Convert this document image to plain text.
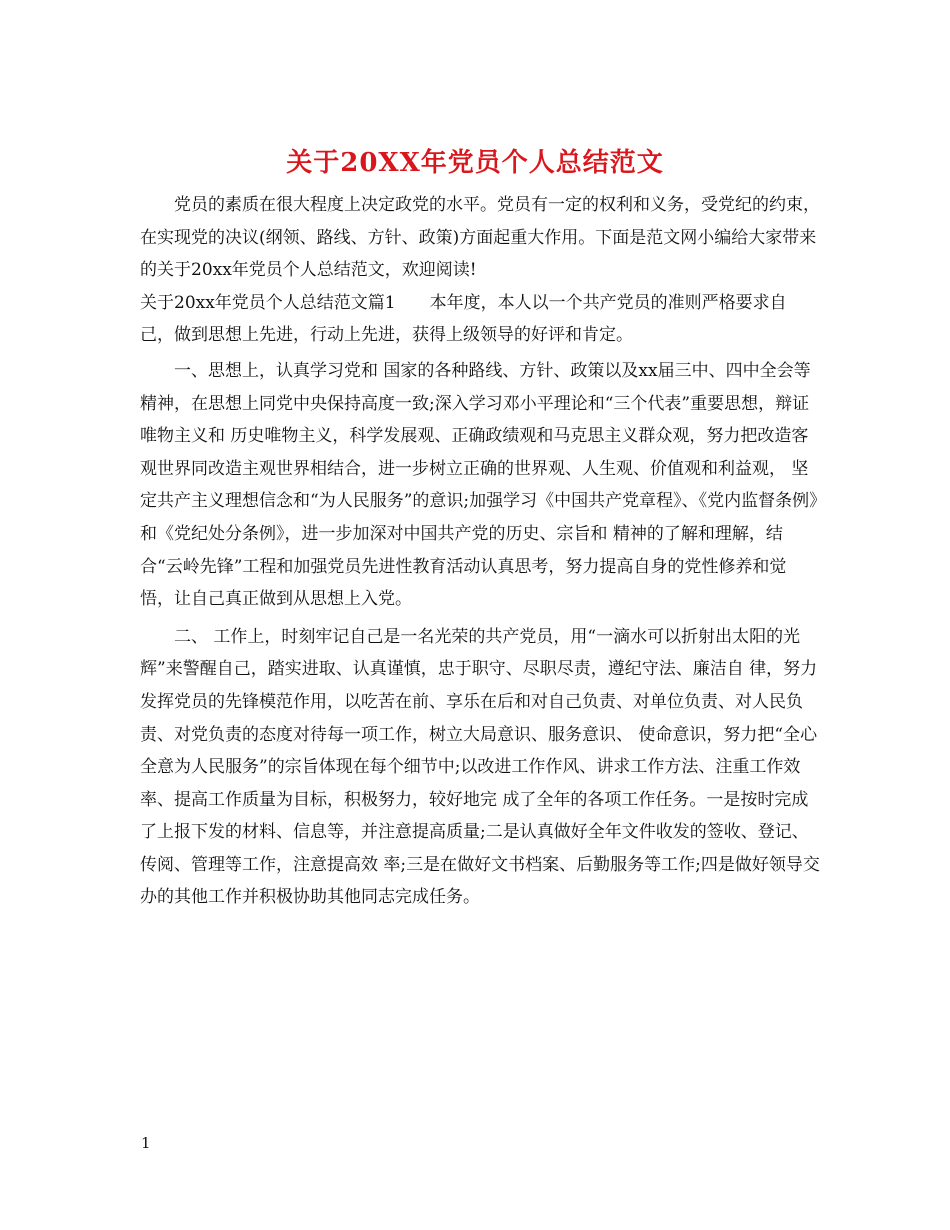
关于20XX年党员个人总结范文

党员的素质在很大程度上决定政党的水平。党员有一定的权利和义务，受党纪的约束，在实现党的决议(纲领、路线、方针、政策)方面起重大作用。下面是范文网小编给大家带来的关于20xx年党员个人总结范文，欢迎阅读!

关于20xx年党员个人总结范文篇1　　本年度，本人以一个共产党员的准则严格要求自己，做到思想上先进，行动上先进，获得上级领导的好评和肯定。

一、思想上，认真学习党和 国家的各种路线、方针、政策以及xx届三中、四中全会等精神，在思想上同党中央保持高度一致;深入学习邓小平理论和“三个代表”重要思想，辩证唯物主义和 历史唯物主义，科学发展观、正确政绩观和马克思主义群众观，努力把改造客观世界同改造主观世界相结合，进一步树立正确的世界观、人生观、价值观和利益观， 坚定共产主义理想信念和“为人民服务”的意识;加强学习《中国共产党章程》、《党内监督条例》和《党纪处分条例》，进一步加深对中国共产党的历史、宗旨和 精神的了解和理解，结合“云岭先锋”工程和加强党员先进性教育活动认真思考，努力提高自身的党性修养和觉悟，让自己真正做到从思想上入党。

二、 工作上，时刻牢记自己是一名光荣的共产党员，用“一滴水可以折射出太阳的光辉”来警醒自己，踏实进取、认真谨慎，忠于职守、尽职尽责，遵纪守法、廉洁自 律，努力发挥党员的先锋模范作用，以吃苦在前、享乐在后和对自己负责、对单位负责、对人民负责、对党负责的态度对待每一项工作，树立大局意识、服务意识、 使命意识，努力把“全心全意为人民服务”的宗旨体现在每个细节中;以改进工作作风、讲求工作方法、注重工作效率、提高工作质量为目标，积极努力，较好地完 成了全年的各项工作任务。一是按时完成了上报下发的材料、信息等，并注意提高质量;二是认真做好全年文件收发的签收、登记、传阅、管理等工作，注意提高效 率;三是在做好文书档案、后勤服务等工作;四是做好领导交办的其他工作并积极协助其他同志完成任务。

1
